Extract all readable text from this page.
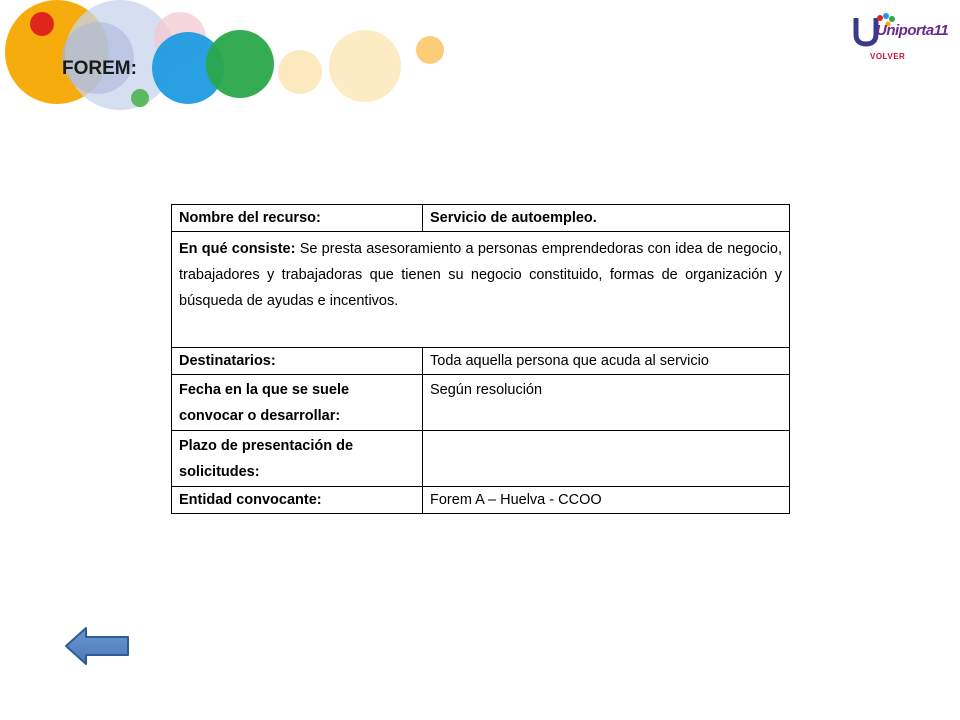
FOREM:
Uniporta11
VOLVER
Nombre del recurso:	Servicio de autoempleo.
En qué consiste: Se presta asesoramiento a personas emprendedoras con idea de negocio, trabajadores y trabajadoras que tienen su negocio constituido, formas de organización y búsqueda de ayudas e incentivos.	
Destinatarios:	Toda aquella persona que acuda al servicio

Fecha en la que se suele
convocar o desarrollar:	Según resolución

Plazo de presentación de
solicitudes:	

Entidad convocante:	Forem A – Huelva - CCOO
